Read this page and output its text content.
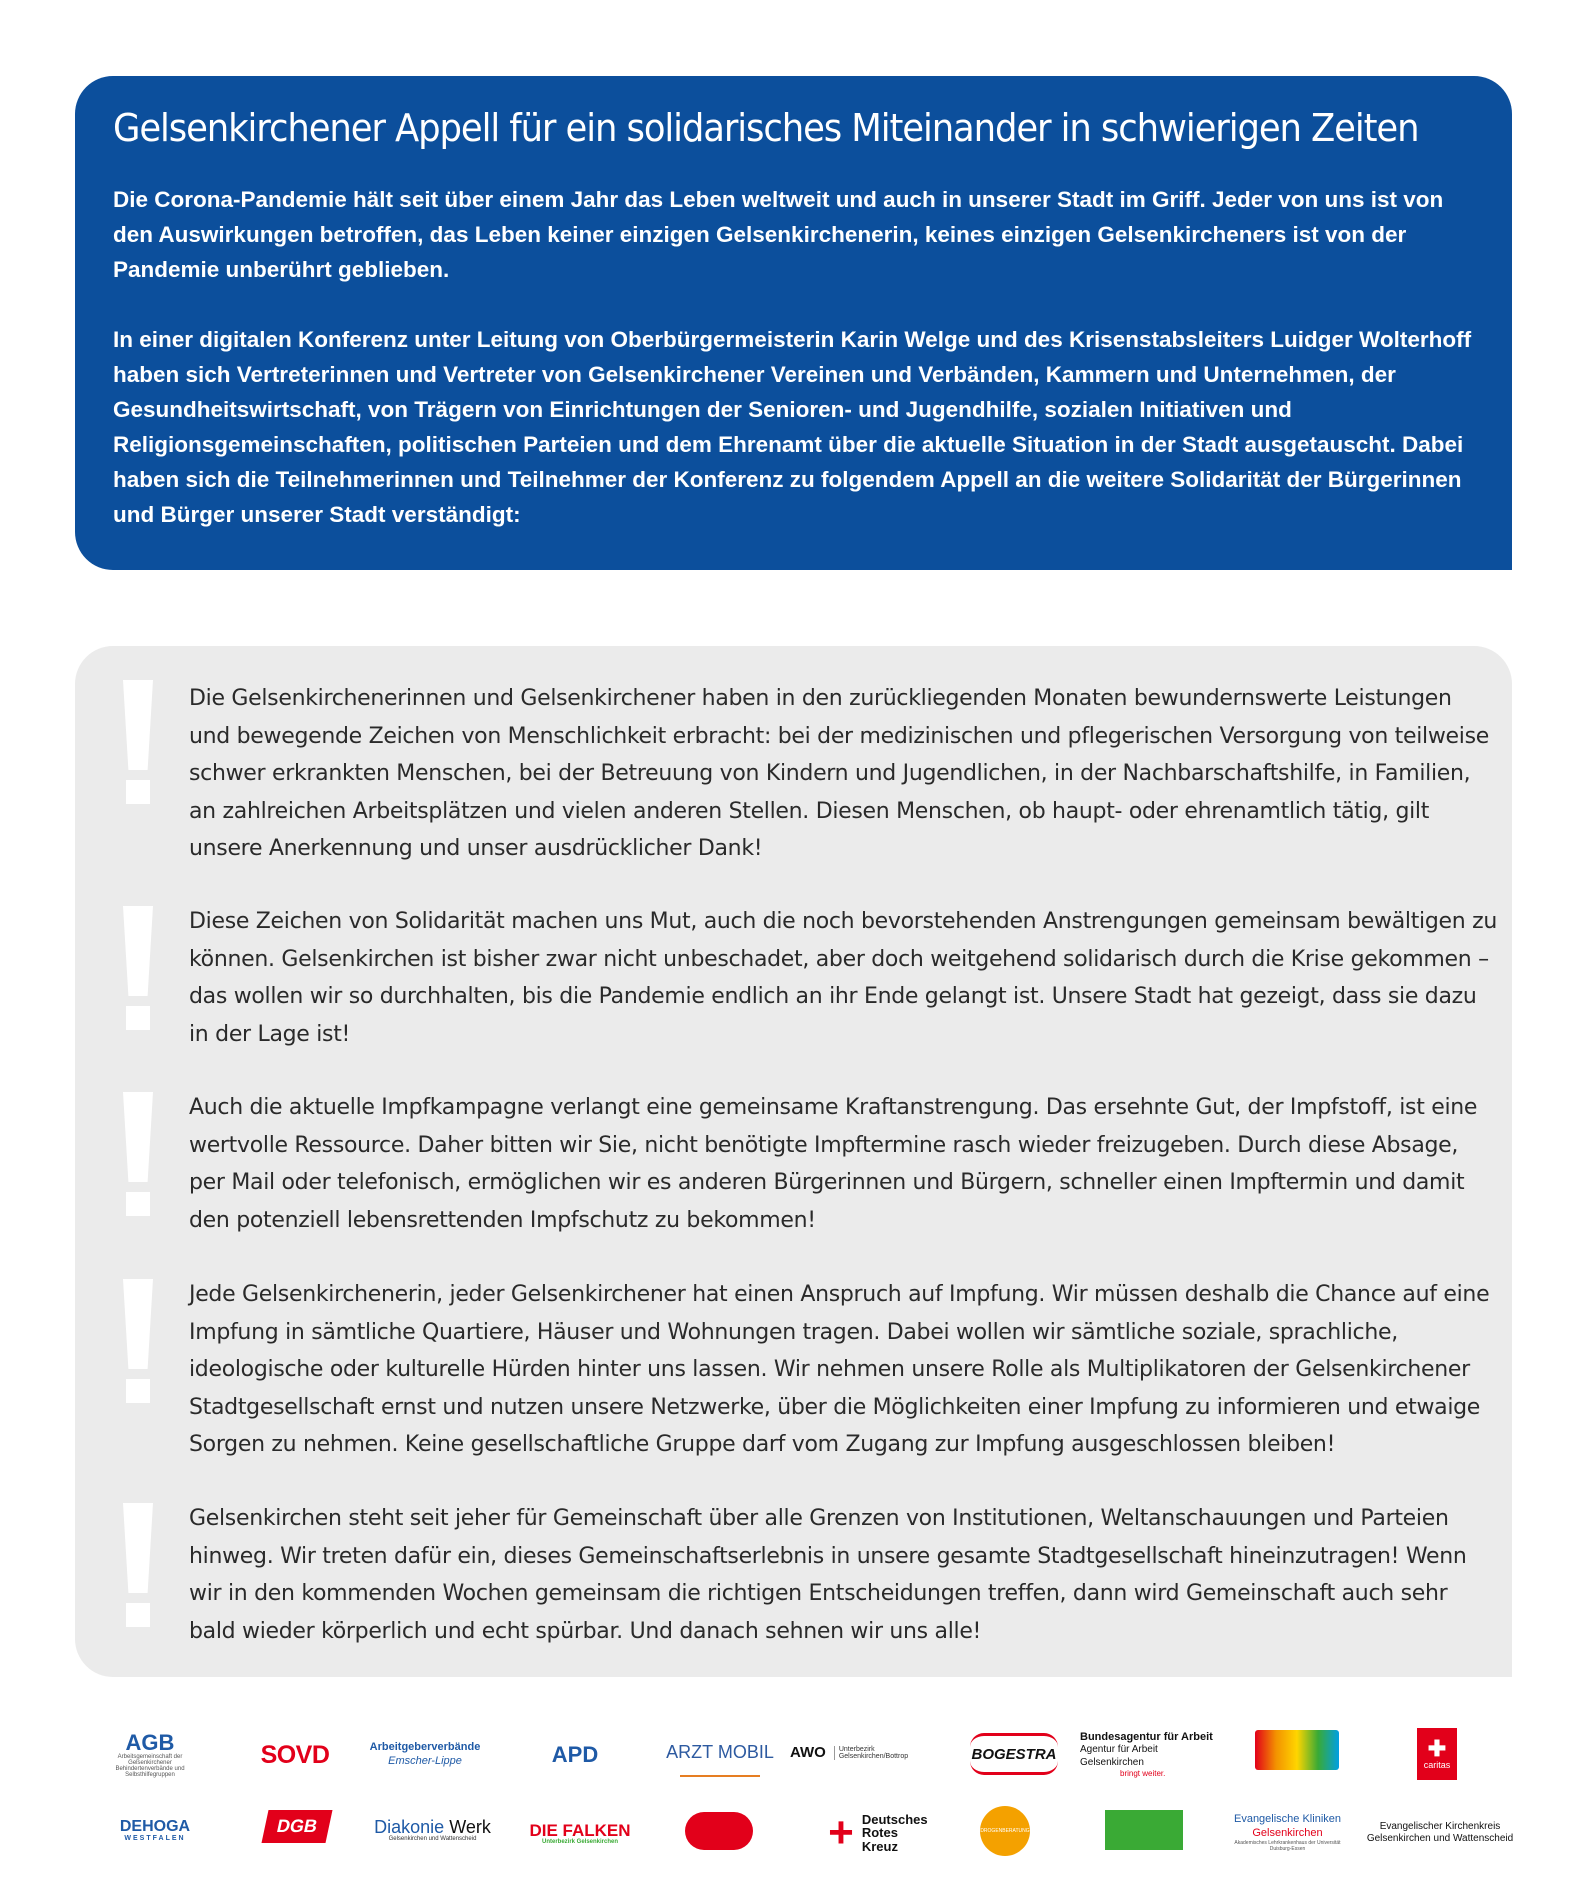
Gelsenkirchener Appell für ein solidarisches Miteinander in schwierigen Zeiten

Die Corona-Pandemie hält seit über einem Jahr das Leben weltweit und auch in unserer Stadt im Griff. Jeder von uns ist von den Auswirkungen betroffen, das Leben keiner einzigen Gelsenkirchenerin, keines einzigen Gelsenkircheners ist von der Pandemie unberührt geblieben.

In einer digitalen Konferenz unter Leitung von Oberbürgermeisterin Karin Welge und des Krisenstabsleiters Luidger Wolterhoff haben sich Vertreterinnen und Vertreter von Gelsenkirchener Vereinen und Verbänden, Kammern und Unternehmen, der Gesundheitswirtschaft, von Trägern von Einrichtungen der Senioren- und Jugendhilfe, sozialen Initiativen und Religionsgemeinschaften, politischen Parteien und dem Ehrenamt über die aktuelle Situation in der Stadt ausgetauscht. Dabei haben sich die Teilnehmerinnen und Teilnehmer der Konferenz zu folgendem Appell an die weitere Solidarität der Bürgerinnen und Bürger unserer Stadt verständigt:

Die Gelsenkirchenerinnen und Gelsenkirchener haben in den zurückliegenden Monaten bewundernswerte Leistungen und bewegende Zeichen von Menschlichkeit erbracht: bei der medizinischen und pflegerischen Versorgung von teilweise schwer erkrankten Menschen, bei der Betreuung von Kindern und Jugendlichen, in der Nachbarschaftshilfe, in Familien, an zahlreichen Arbeitsplätzen und vielen anderen Stellen. Diesen Menschen, ob haupt- oder ehrenamtlich tätig, gilt unsere Anerkennung und unser ausdrücklicher Dank!

Diese Zeichen von Solidarität machen uns Mut, auch die noch bevorstehenden Anstrengungen gemeinsam bewältigen zu können. Gelsenkirchen ist bisher zwar nicht unbeschadet, aber doch weitgehend solidarisch durch die Krise gekommen – das wollen wir so durchhalten, bis die Pandemie endlich an ihr Ende gelangt ist. Unsere Stadt hat gezeigt, dass sie dazu in der Lage ist!

Auch die aktuelle Impfkampagne verlangt eine gemeinsame Kraftanstrengung. Das ersehnte Gut, der Impfstoff, ist eine wertvolle Ressource. Daher bitten wir Sie, nicht benötigte Impftermine rasch wieder freizugeben. Durch diese Absage, per Mail oder telefonisch, ermöglichen wir es anderen Bürgerinnen und Bürgern, schneller einen Impftermin und damit den potenziell lebensrettenden Impfschutz zu bekommen!

Jede Gelsenkirchenerin, jeder Gelsenkirchener hat einen Anspruch auf Impfung. Wir müssen deshalb die Chance auf eine Impfung in sämtliche Quartiere, Häuser und Wohnungen tragen. Dabei wollen wir sämtliche soziale, sprachliche, ideologische oder kulturelle Hürden hinter uns lassen. Wir nehmen unsere Rolle als Multiplikatoren der Gelsenkirchener Stadtgesellschaft ernst und nutzen unsere Netzwerke, über die Möglichkeiten einer Impfung zu informieren und etwaige Sorgen zu nehmen. Keine gesellschaftliche Gruppe darf vom Zugang zur Impfung ausgeschlossen bleiben!

Gelsenkirchen steht seit jeher für Gemeinschaft über alle Grenzen von Institutionen, Weltanschauungen und Parteien hinweg. Wir treten dafür ein, dieses Gemeinschaftserlebnis in unsere gesamte Stadtgesellschaft hineinzutragen! Wenn wir in den kommenden Wochen gemeinsam die richtigen Entscheidungen treffen, dann wird Gemeinschaft auch sehr bald wieder körperlich und echt spürbar. Und danach sehnen wir uns alle!

AGB
Arbeitsgemeinschaft der Gelsenkirchener Behindertenverbände und Selbsthilfegruppen
SOVD	Arbeitgeberverbände
Emscher-Lippe	APD	ARZT MOBIL AWO	Unterbezirk Gelsenkirchen/Bottrop	BOGESTRA
Bundesagentur für Arbeit
Agentur für Arbeit Gelsenkirchen
bringt weiter.
✚
caritas
DEHOGA
WESTFALEN
DGB	Diakonie Werk
Gelsenkirchen und Wattenscheid	DIE FALKEN
Unterbezirk Gelsenkirchen	+ Deutsches Rotes Kreuz
DROGENBERATUNG
Evangelische Kliniken
Gelsenkirchen
Akademisches Lehrkrankenhaus der Universität Duisburg-Essen
Evangelischer Kirchenkreis
Gelsenkirchen und Wattenscheid
